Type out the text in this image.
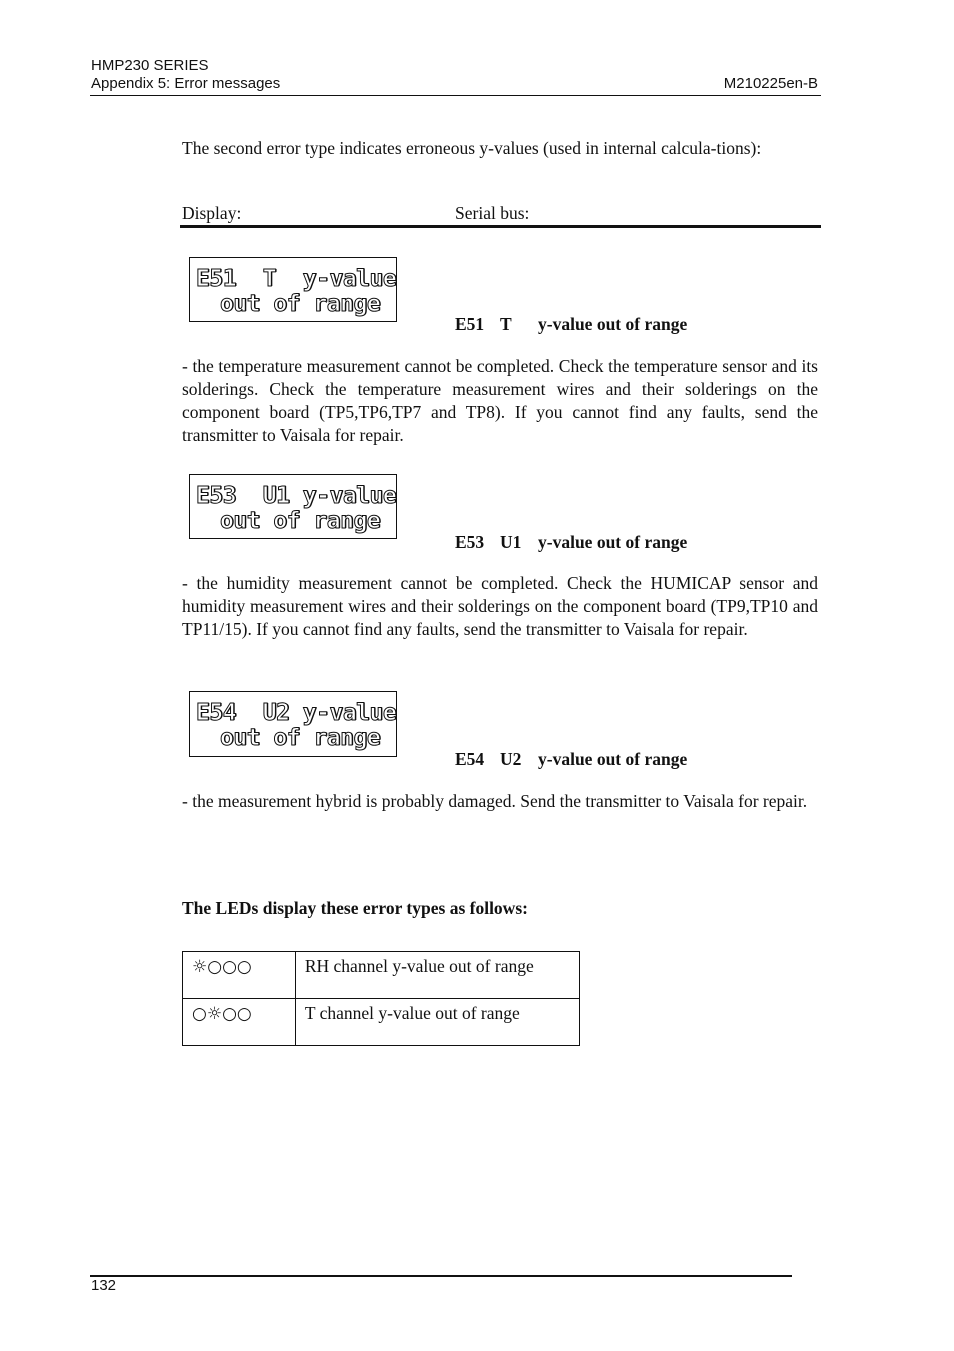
HMP230 SERIES
Appendix 5: Error messages	M210225en-B
The second error type indicates erroneous y-values (used in internal calcula-tions):
Display:	Serial bus:
E51  T  y-value
out of range
E51 T y-value out of range
- the temperature measurement cannot be completed. Check the temperature sensor and its solderings. Check the temperature measurement wires and their solderings on the component board (TP5,TP6,TP7 and TP8). If you cannot find any faults, send the transmitter to Vaisala for repair.
E53  U1 y-value
out of range
E53 U1 y-value out of range
- the humidity measurement cannot be completed. Check the HUMICAP sensor and humidity measurement wires and their solderings on the component board (TP9,TP10 and TP11/15). If you cannot find any faults, send the transmitter to Vaisala for repair.
E54  U2 y-value
out of range
E54 U2 y-value out of range
- the measurement hybrid is probably damaged. Send the transmitter to Vaisala for repair.
The LEDs display these error types as follows:
☼○○○	RH channel y-value out of range
○☼○○	T channel y-value out of range
132
